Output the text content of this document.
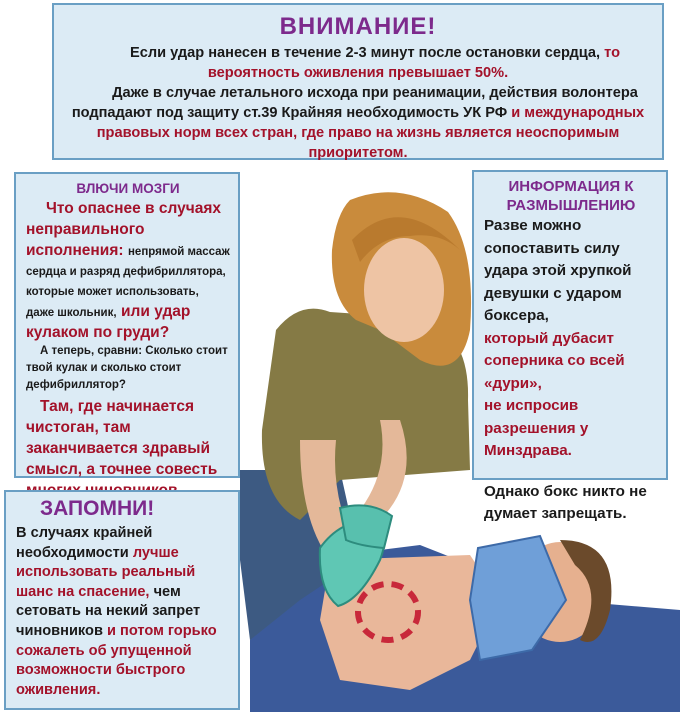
ВНИМАНИЕ!

Если удар нанесен в течение 2-3 минут после остановки сердца, то вероятность оживления превышает 50%.

Даже в случае летального исхода при реанимации, действия волонтера подпадают под защиту ст.39 Крайняя необходимость УК РФ и международных правовых норм всех стран, где право на жизнь является неоспоримым приоритетом.

ВЛЮЧИ МОЗГИ

Что опаснее в случаях неправильного исполнения: непрямой массаж сердца и разряд дефибриллятора, которые может использовать, даже школьник, или удар кулаком по груди?

А теперь, сравни: Сколько стоит твой кулак и сколько стоит дефибриллятор?

Там, где начинается чистоган, там заканчивается здравый смысл, а точнее совесть

ИНФОРМАЦИЯ К РАЗМЫШЛЕНИЮ

Разве можно сопоставить силу удара этой хрупкой девушки с ударом боксера,

который дубасит соперника со всей «дури»,

не испросив разрешения у Минздрава.

Однако бокс никто не думает запрещать.

ЗАПОМНИ!

В случаях крайней необходимости лучше использовать реальный шанс на спасение, чем сетовать на некий запрет чиновников и потом горько сожалеть об упущенной возможности быстрого оживления.
